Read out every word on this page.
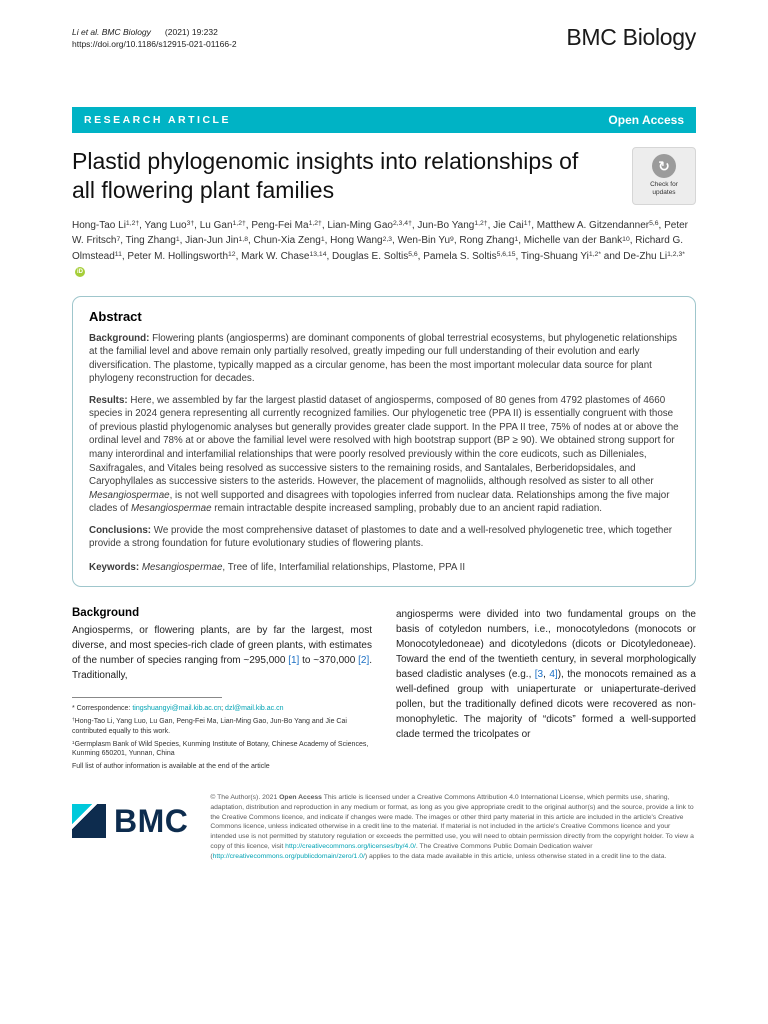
Li et al. BMC Biology (2021) 19:232
https://doi.org/10.1186/s12915-021-01166-2	BMC Biology
RESEARCH ARTICLE	Open Access
Plastid phylogenomic insights into relationships of all flowering plant families
↻
Check for
updates

Hong-Tao $Li^{1,2\dagger}$, Yang Luo$^{3\dagger}$, Lu Gan$^{1,2\dagger}$, Peng-Fei $Ma^{1,2\dagger}$, Lian-Ming Gao$^{2,3,4\dagger}$, Jun-Bo Yang$^{1,2\dagger}$, Jie Cai$^{1\dagger}$, Matthew A. Gitzendanner$^{5,6}$, Peter W. Fritsch$^7$, Ting Zhang$^1$, Jian-Jun Jin$^{1,8}$, Chun-Xia Zeng$^1$, Hong Wang$^{2,3}$, Wen-Bin Yu$^9$, Rong Zhang$^1$, Michelle van der Bank$^{10}$, Richard G. Olmstead$^{11}$, Peter M. Hollingsworth$^{12}$, Mark W. Chase$^{13,14}$, Douglas E. Soltis$^{5,6}$, Pamela S. Soltis$^{5,6,15}$, Ting-Shuang $Yi^{1,2*}$ and De-Zhu $Li^{1,2,3*}iD$

Abstract

Background: Flowering plants (angiosperms) are dominant components of global terrestrial ecosystems, but phylogenetic relationships at the familial level and above remain only partially resolved, greatly impeding our full understanding of their evolution and early diversification. The plastome, typically mapped as a circular genome, has been the most important molecular data source for plant phylogeny reconstruction for decades.

Results: Here, we assembled by far the largest plastid dataset of angiosperms, composed of 80 genes from 4792 plastomes of 4660 species in 2024 genera representing all currently recognized families. Our phylogenetic tree (PPA II) is essentially congruent with those of previous plastid phylogenomic analyses but generally provides greater clade support. In the PPA II tree, 75% of nodes at or above the ordinal level and 78% at or above the familial level were resolved with high bootstrap support (BP ≥ 90). We obtained strong support for many interordinal and interfamilial relationships that were poorly resolved previously within the core eudicots, such as Dilleniales, Saxifragales, and Vitales being resolved as successive sisters to the remaining rosids, and Santalales, Berberidopsidales, and Caryophyllales as successive sisters to the asterids. However, the placement of magnoliids, although resolved as sister to all other Mesangiospermae, is not well supported and disagrees with topologies inferred from nuclear data. Relationships among the five major clades of Mesangiospermae remain intractable despite increased sampling, probably due to an ancient rapid radiation.

Conclusions: We provide the most comprehensive dataset of plastomes to date and a well-resolved phylogenetic tree, which together provide a strong foundation for future evolutionary studies of flowering plants.

Keywords: Mesangiospermae, Tree of life, Interfamilial relationships, Plastome, PPA II

Background

Angiosperms, or flowering plants, are by far the largest, most diverse, and most species-rich clade of green plants, with estimates of the number of species ranging from ~295,000 [1] to ~370,000 [2]. Traditionally,

* Correspondence: tingshuangyi@mail.kib.ac.cn; dzl@mail.kib.ac.cn

†Hong-Tao Li, Yang Luo, Lu Gan, Peng-Fei Ma, Lian-Ming Gao, Jun-Bo Yang and Jie Cai contributed equally to this work.

$^1$Germplasm Bank of Wild Species, Kunming Institute of Botany, Chinese Academy of Sciences, Kunming 650201, Yunnan, China

Full list of author information is available at the end of the article

angiosperms were divided into two fundamental groups on the basis of cotyledon numbers, i.e., monocotyledons (monocots or Monocotyledoneae) and dicotyledons (dicots or Dicotyledoneae). Toward the end of the twentieth century, in several morphologically based cladistic analyses (e.g., [3, 4]), the monocots remained as a well-defined group with uniaperturate or uniaperturate-derived pollen, but the traditionally defined dicots were recovered as non-monophyletic. The majority of “dicots” formed a well-supported clade termed the tricolpates or

BMC

© The Author(s). 2021 Open Access This article is licensed under a Creative Commons Attribution 4.0 International License, which permits use, sharing, adaptation, distribution and reproduction in any medium or format, as long as you give appropriate credit to the original author(s) and the source, provide a link to the Creative Commons licence, and indicate if changes were made. The images or other third party material in this article are included in the article's Creative Commons licence, unless indicated otherwise in a credit line to the material. If material is not included in the article's Creative Commons licence and your intended use is not permitted by statutory regulation or exceeds the permitted use, you will need to obtain permission directly from the copyright holder. To view a copy of this licence, visit http://creativecommons.org/licenses/by/4.0/. The Creative Commons Public Domain Dedication waiver (http://creativecommons.org/publicdomain/zero/1.0/) applies to the data made available in this article, unless otherwise stated in a credit line to the data.
